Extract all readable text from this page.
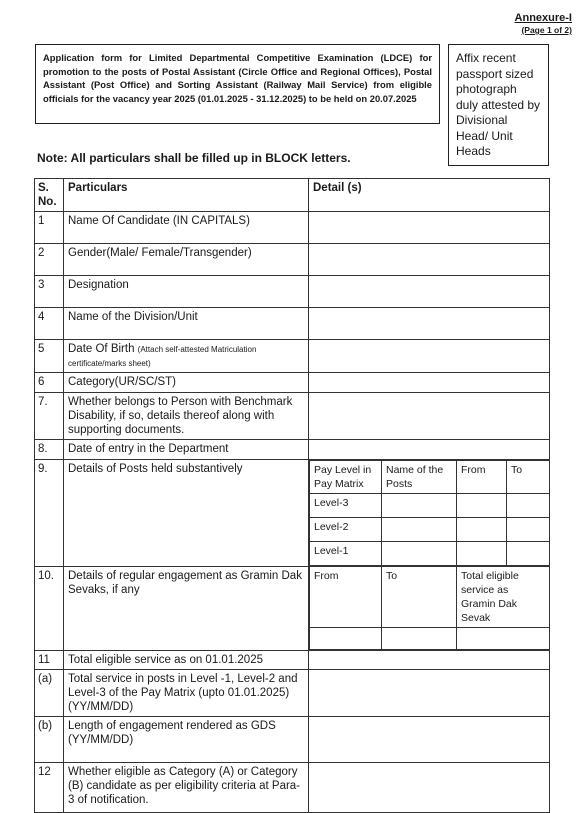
Annexure-I
(Page 1 of 2)
Application form for Limited Departmental Competitive Examination (LDCE) for promotion to the posts of Postal Assistant (Circle Office and Regional Offices), Postal Assistant (Post Office) and Sorting Assistant (Railway Mail Service) from eligible officials for the vacancy year 2025 (01.01.2025 - 31.12.2025) to be held on 20.07.2025
Affix recent passport sized photograph duly attested by Divisional Head/ Unit Heads
Note: All particulars shall be filled up in BLOCK letters.
S. No.	Particulars	Detail (s)
1	Name Of Candidate (IN CAPITALS)	
2	Gender(Male/ Female/Transgender)	
3	Designation	
4	Name of the Division/Unit	
5	Date Of Birth (Attach self-attested Matriculation certificate/marks sheet)	
6	Category(UR/SC/ST)	
7.	Whether belongs to Person with Benchmark Disability, if so, details thereof along with supporting documents.	
8.	Date of entry in the Department	
9.	Details of Posts held substantively		Pay Level in Pay Matrix	Name of the Posts	From	To
Level-3			
Level-2			
Level-1			

10.	Details of regular engagement as Gramin Dak Sevaks, if any	
From	To	Total eligible service as Gramin Dak Sevak

11	Total eligible service as on 01.01.2025	
(a)	Total service in posts in Level -1, Level-2 and Level-3 of the Pay Matrix (upto 01.01.2025) (YY/MM/DD)	
(b)	Length of engagement rendered as GDS (YY/MM/DD)	
12	Whether eligible as Category (A) or Category (B) candidate as per eligibility criteria at Para-3 of notification.	
